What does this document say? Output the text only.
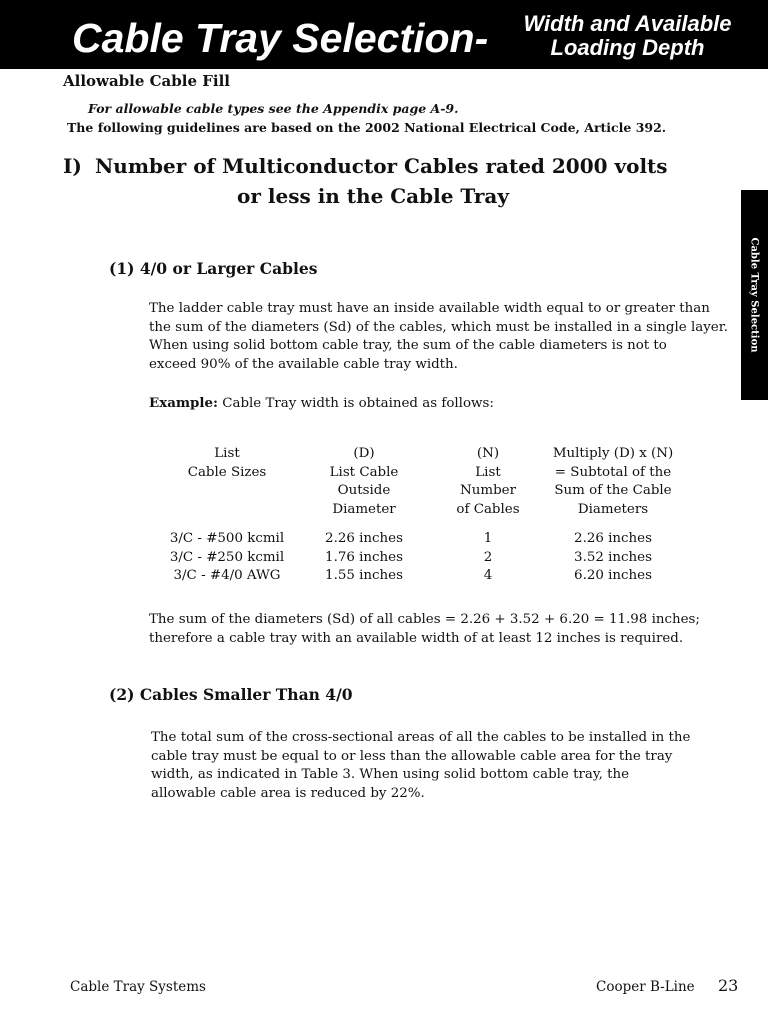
Cable Tray Selection-	Width and Available
Loading Depth
Cable Tray Selection
Allowable Cable Fill
For allowable cable types see the Appendix page A-9.
The following guidelines are based on the 2002 National Electrical Code, Article 392.
I) Number of Multiconductor Cables rated 2000 volts
or less in the Cable Tray
(1) 4/0 or Larger Cables
The ladder cable tray must have an inside available width equal to or greater than
the sum of the diameters (Sd) of the cables, which must be installed in a single layer.
When using solid bottom cable tray, the sum of the cable diameters is not to
exceed 90% of the available cable tray width.
Example: Cable Tray width is obtained as follows:
List
Cable Sizes
(D)
List Cable
Outside
Diameter
(N)
List
Number
of Cables
Multiply (D) x (N)
= Subtotal of the
Sum of the Cable
Diameters
3/C - #500 kcmil
3/C - #250 kcmil
3/C - #4/0 AWG
2.26 inches
1.76 inches
1.55 inches
1
2
4
2.26 inches
3.52 inches
6.20 inches
The sum of the diameters (Sd) of all cables = 2.26 + 3.52 + 6.20 = 11.98 inches;
therefore a cable tray with an available width of at least 12 inches is required.
(2) Cables Smaller Than 4/0
The total sum of the cross-sectional areas of all the cables to be installed in the
cable tray must be equal to or less than the allowable cable area for the tray
width, as indicated in Table 3. When using solid bottom cable tray, the
allowable cable area is reduced by 22%.
Cable Tray Systems	Cooper B-Line 23
